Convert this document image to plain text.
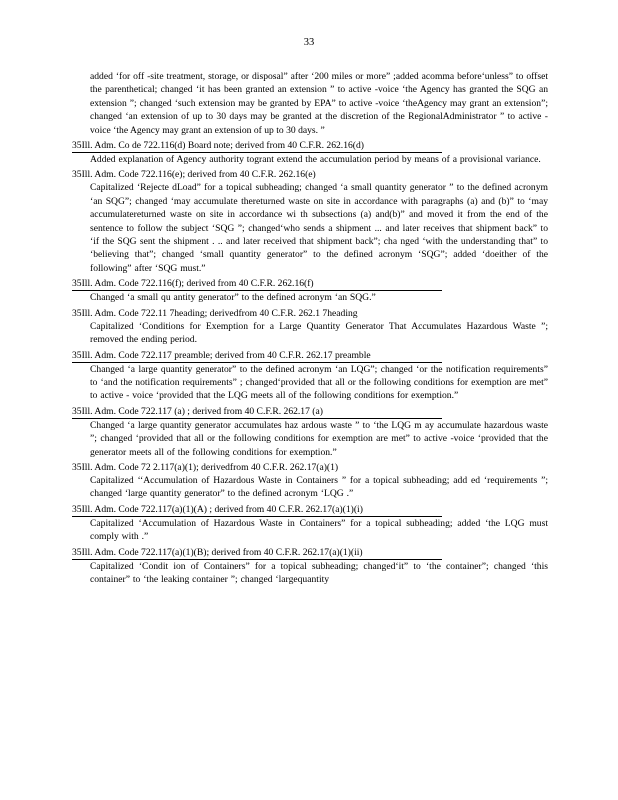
33
added ‘for off -site treatment, storage, or disposal” after ‘200 miles or more” ;added acomma before‘unless” to offset the parenthetical; changed ‘it has been granted an extension ” to active -voice ‘the Agency has granted the SQG an extension ”; changed ‘such extension may be granted by EPA” to active -voice ‘theAgency may grant an extension”; changed ‘an extension of up to 30 days may be granted at the discretion of the RegionalAdministrator ” to active -voice ‘the Agency may grant an extension of up to 30 days. ”
35Ill. Adm. Co de 722.116(d) Board note; derived from 40 C.F.R. 262.16(d)
Added explanation of Agency authority togrant extend the accumulation period by means of a provisional variance.
35Ill. Adm. Code 722.116(e); derived from 40 C.F.R. 262.16(e)
Capitalized ‘Rejecte dLoad” for a topical subheading; changed ‘a small quantity generator ” to the defined acronym ‘an SQG”; changed ‘may accumulate thereturned waste on site in accordance with paragraphs (a) and (b)” to ‘may accumulatereturned waste on site in accordance wi th subsections (a) and(b)” and moved it from the end of the sentence to follow the subject ‘SQG ”; changed‘who sends a shipment ... and later receives that shipment back” to ‘if the SQG sent the shipment . .. and later received that shipment back”; cha nged ‘with the understanding that” to ‘believing that”; changed ‘small quantity generator” to the defined acronym ‘SQG”; added ‘doeither of the following” after ‘SQG must.”
35Ill. Adm. Code 722.116(f); derived from 40 C.F.R. 262.16(f)
Changed ‘a small qu antity generator” to the defined acronym ‘an SQG.”
35Ill. Adm. Code 722.11 7heading; derivedfrom 40 C.F.R. 262.1 7heading
Capitalized ‘Conditions for Exemption for a Large Quantity Generator That Accumulates Hazardous Waste ”; removed the ending period.
35Ill. Adm. Code 722.117 preamble; derived from 40 C.F.R. 262.17 preamble
Changed ‘a large quantity generator” to the defined acronym ‘an LQG”; changed ‘or the notification requirements” to ‘and the notification requirements” ; changed‘provided that all or the following conditions for exemption are met” to active - voice ‘provided that the LQG meets all of the following conditions for exemption.”
35Ill. Adm. Code 722.117 (a) ; derived from 40 C.F.R. 262.17 (a)
Changed ‘a large quantity generator accumulates haz ardous waste ” to ‘the LQG m ay accumulate hazardous waste ”; changed ‘provided that all or the following conditions for exemption are met” to active -voice ‘provided that the generator meets all of the following conditions for exemption.”
35Ill. Adm. Code 72 2.117(a)(1); derivedfrom 40 C.F.R. 262.17(a)(1)
Capitalized ‘‘Accumulation of Hazardous Waste in Containers ” for a topical subheading; add ed ‘requirements ”; changed ‘large quantity generator” to the defined acronym ‘LQG .”
35Ill. Adm. Code 722.117(a)(1)(A) ; derived from 40 C.F.R. 262.17(a)(1)(i)
Capitalized ‘Accumulation of Hazardous Waste in Containers” for a topical subheading; added ‘the LQG must comply with .”
35Ill. Adm. Code 722.117(a)(1)(B); derived from 40 C.F.R. 262.17(a)(1)(ii)
Capitalized ‘Condit ion of Containers” for a topical subheading; changed‘it” to ‘the container”; changed ‘this container” to ‘the leaking container ”; changed ‘largequantity
